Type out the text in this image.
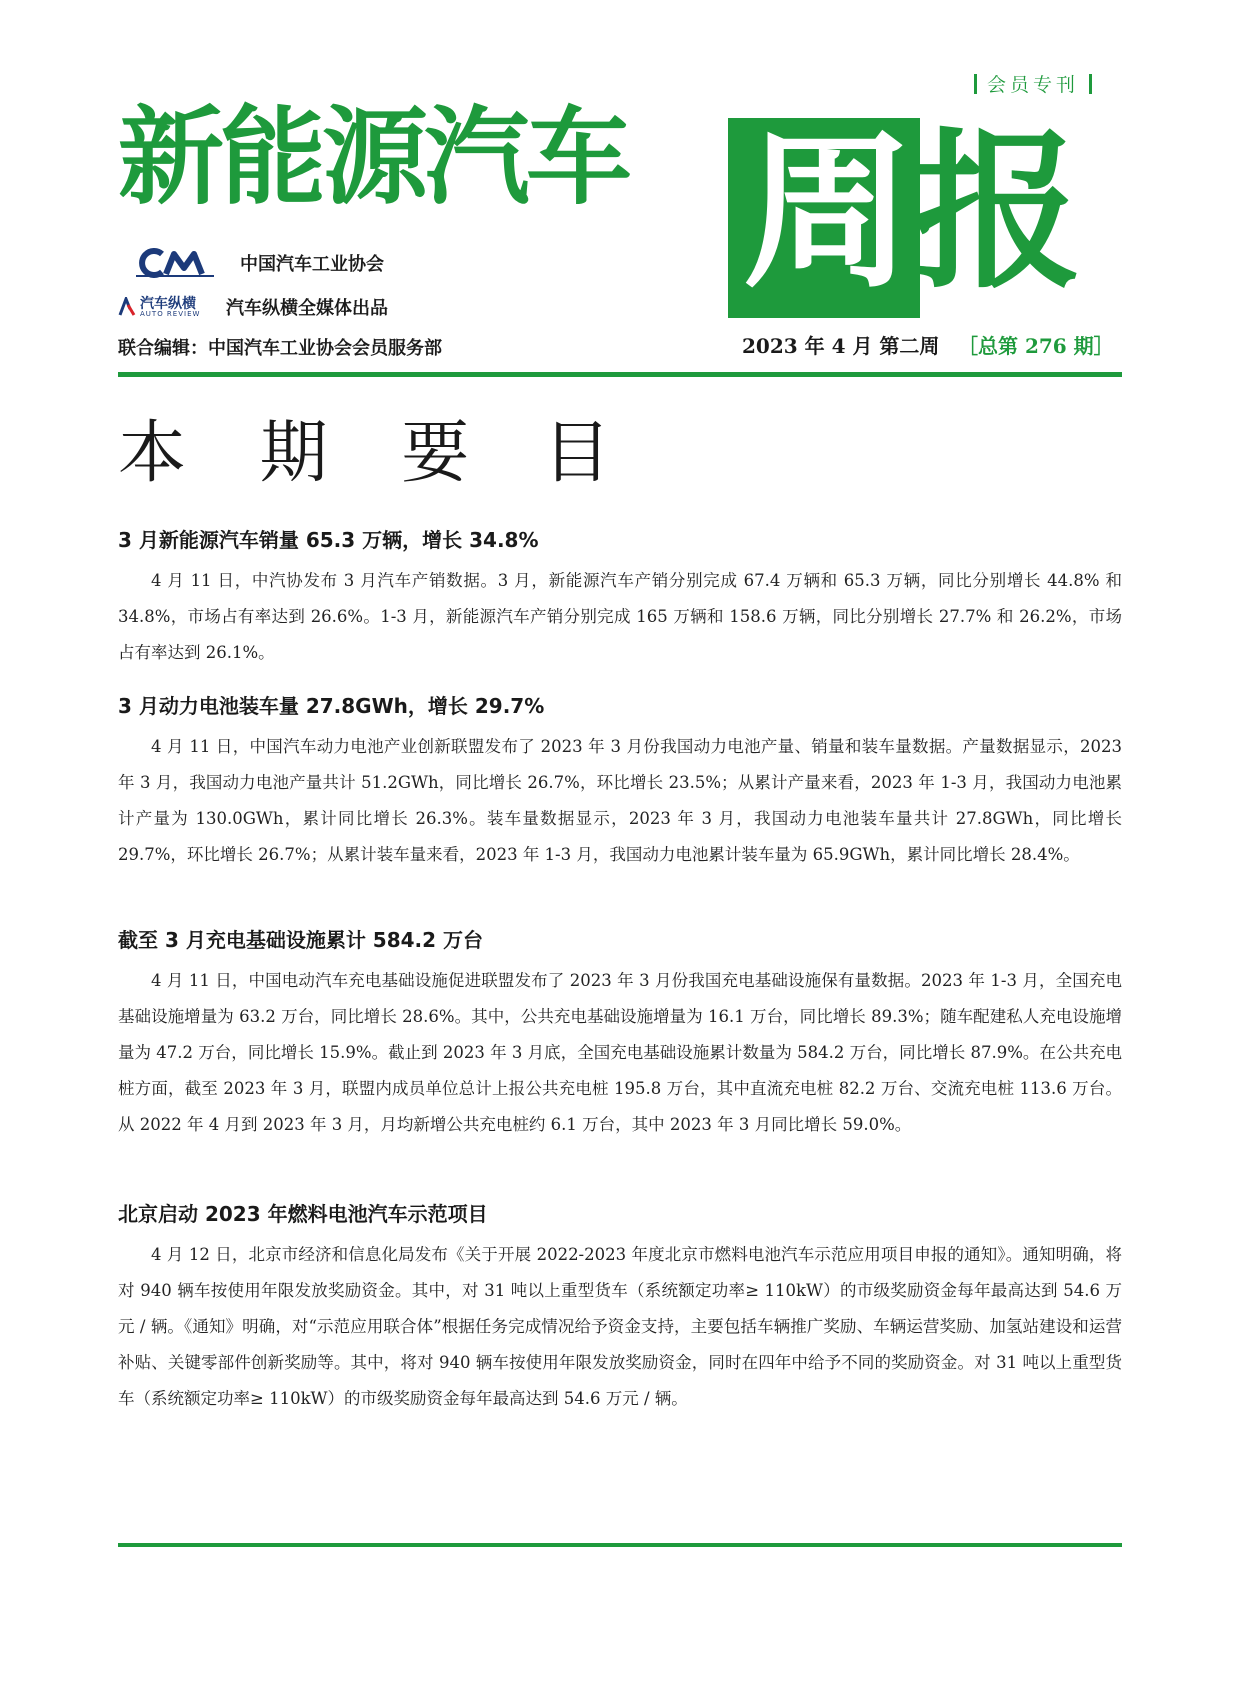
会员专刊
新能源汽车 周 报
中国汽车工业协会
汽车纵横
AUTO REVIEW 汽车纵横全媒体出品
联合编辑：中国汽车工业协会会员服务部	2023 年 4 月 第二周 ［总第 276 期］
本 期 要 目
3 月新能源汽车销量 65.3 万辆，增长 34.8%

4 月 11 日，中汽协发布 3 月汽车产销数据。3 月，新能源汽车产销分别完成 67.4 万辆和 65.3 万辆，同比分别增长 44.8% 和 34.8%，市场占有率达到 26.6%。1-3 月，新能源汽车产销分别完成 165 万辆和 158.6 万辆，同比分别增长 27.7% 和 26.2%，市场占有率达到 26.1%。

3 月动力电池装车量 27.8GWh，增长 29.7%

4 月 11 日，中国汽车动力电池产业创新联盟发布了 2023 年 3 月份我国动力电池产量、销量和装车量数据。产量数据显示，2023 年 3 月，我国动力电池产量共计 51.2GWh，同比增长 26.7%，环比增长 23.5%；从累计产量来看，2023 年 1-3 月，我国动力电池累计产量为 130.0GWh，累计同比增长 26.3%。装车量数据显示，2023 年 3 月，我国动力电池装车量共计 27.8GWh，同比增长 29.7%，环比增长 26.7%；从累计装车量来看，2023 年 1-3 月，我国动力电池累计装车量为 65.9GWh，累计同比增长 28.4%。

截至 3 月充电基础设施累计 584.2 万台

4 月 11 日，中国电动汽车充电基础设施促进联盟发布了 2023 年 3 月份我国充电基础设施保有量数据。2023 年 1-3 月，全国充电基础设施增量为 63.2 万台，同比增长 28.6%。其中，公共充电基础设施增量为 16.1 万台，同比增长 89.3%；随车配建私人充电设施增量为 47.2 万台，同比增长 15.9%。截止到 2023 年 3 月底，全国充电基础设施累计数量为 584.2 万台，同比增长 87.9%。在公共充电桩方面，截至 2023 年 3 月，联盟内成员单位总计上报公共充电桩 195.8 万台，其中直流充电桩 82.2 万台、交流充电桩 113.6 万台。从 2022 年 4 月到 2023 年 3 月，月均新增公共充电桩约 6.1 万台，其中 2023 年 3 月同比增长 59.0%。

北京启动 2023 年燃料电池汽车示范项目

4 月 12 日，北京市经济和信息化局发布《关于开展 2022-2023 年度北京市燃料电池汽车示范应用项目申报的通知》。通知明确，将对 940 辆车按使用年限发放奖励资金。其中，对 31 吨以上重型货车（系统额定功率≥ 110kW）的市级奖励资金每年最高达到 54.6 万元 / 辆。《通知》明确，对“示范应用联合体”根据任务完成情况给予资金支持，主要包括车辆推广奖励、车辆运营奖励、加氢站建设和运营补贴、关键零部件创新奖励等。其中，将对 940 辆车按使用年限发放奖励资金，同时在四年中给予不同的奖励资金。对 31 吨以上重型货车（系统额定功率≥ 110kW）的市级奖励资金每年最高达到 54.6 万元 / 辆。
